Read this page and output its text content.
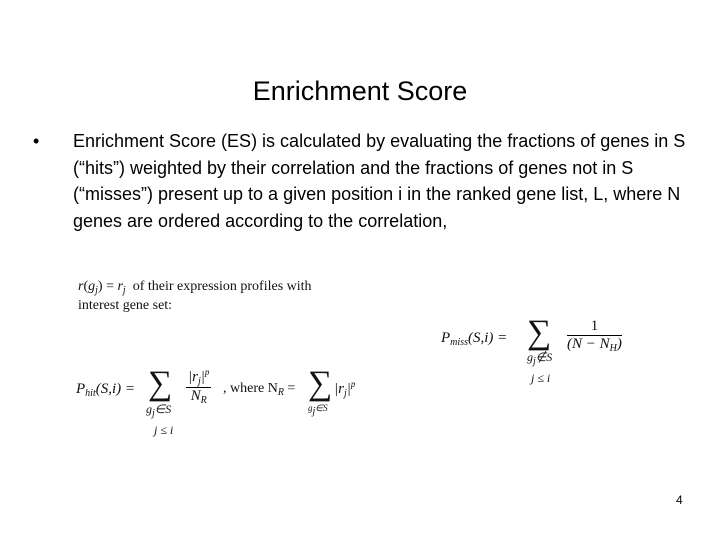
Enrichment Score
• Enrichment Score (ES) is calculated by evaluating the fractions of genes in S (“hits”) weighted by their correlation and the fractions of genes not in S (“misses”) present up to a given position i in the ranked gene list, L, where N genes are ordered according to the correlation,
$r(g_j) = r_j$ of their expression profiles with
interest gene set:
$P_{miss}(S,i)$ = ∑
$g_j\notin S$
j ≤ i
$\frac{1}{(N - N_H)}$
$P_{hit}(S,i)$ = ∑
$g_j\in S$
j ≤ i
$\frac{|r_j|^p}{N_R}$ , where $N_R$ = ∑
gj∈S
$|r_j|^p$
4
